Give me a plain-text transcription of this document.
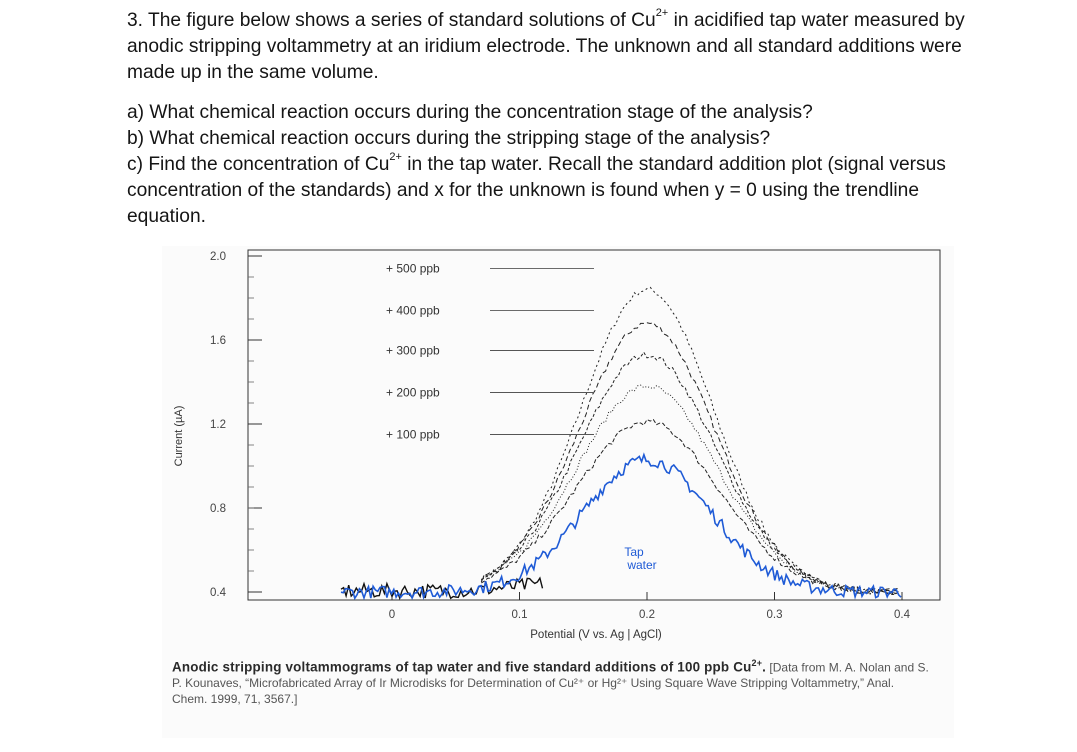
3. The figure below shows a series of standard solutions of $Cu^{2+}$ in acidified tap water measured by anodic stripping voltammetry at an iridium electrode. The unknown and all standard additions were made up in the same volume.

a) What chemical reaction occurs during the concentration stage of the analysis?

b) What chemical reaction occurs during the stripping stage of the analysis?

c) Find the concentration of $Cu^{2+}$ in the tap water. Recall the standard addition plot (signal versus concentration of the standards) and x for the unknown is found when y = 0 using the trendline equation.

2.0
1.6
1.2
0.8
0.4
Current (µA)
0	0.1	0.2	0.3	0.4
Potential (V vs. Ag | AgCl)
+ 500 ppb
+ 400 ppb
+ 300 ppb
+ 200 ppb
+ 100 ppb
Tap
water
Anodic stripping voltammograms of tap water and five standard additions of 100 ppb $Cu^{2+}$. [Data from M. A. Nolan and S. P. Kounaves, “Microfabricated Array of Ir Microdisks for Determination of Cu²⁺ or Hg²⁺ Using Square Wave Stripping Voltammetry,” Anal. Chem. 1999, 71, 3567.]
